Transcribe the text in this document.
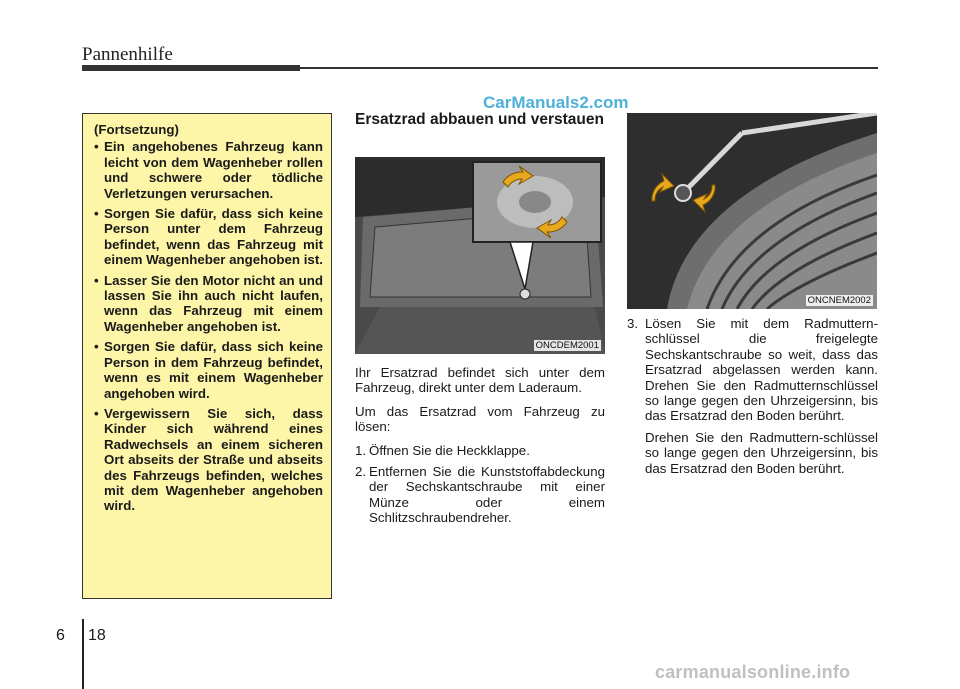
Pannenhilfe
CarManuals2.com
(Fortsetzung)
• Ein angehobenes Fahrzeug kann leicht von dem Wagenheber rollen und schwere oder tödliche Verletzungen verursachen.
• Sorgen Sie dafür, dass sich keine Person unter dem Fahrzeug befindet, wenn das Fahrzeug mit einem Wagenheber angehoben ist.
• Lasser Sie den Motor nicht an und lassen Sie ihn auch nicht laufen, wenn das Fahrzeug mit einem Wagenheber angehoben ist.
• Sorgen Sie dafür, dass sich keine Person in dem Fahrzeug befindet, wenn es mit einem Wagenheber angehoben wird.
• Vergewissern Sie sich, dass Kinder sich während eines Radwechsels an einem sicheren Ort abseits der Straße und abseits des Fahrzeugs befinden, welches mit dem Wagenheber angehoben wird.
Ersatzrad abbauen und verstauen
ONCDEM2001
ONCNEM2002

Ihr Ersatzrad befindet sich unter dem Fahrzeug, direkt unter dem Laderaum.

Um das Ersatzrad vom Fahrzeug zu lösen:

1. Öffnen Sie die Heckklappe.
2. Entfernen Sie die Kunststoffabdeckung der Sechskantschraube mit einer Münze oder einem Schlitzschraubendreher.
3. Lösen Sie mit dem Radmuttern-schlüssel die freigelegte Sechskantschraube so weit, dass das Ersatzrad abgelassen werden kann. Drehen Sie den Radmutternschlüssel so lange gegen den Uhrzeigersinn, bis das Ersatzrad den Boden berührt.

Drehen Sie den Radmuttern-schlüssel so lange gegen den Uhrzeigersinn, bis das Ersatzrad den Boden berührt.

6 18
carmanualsonline.info
